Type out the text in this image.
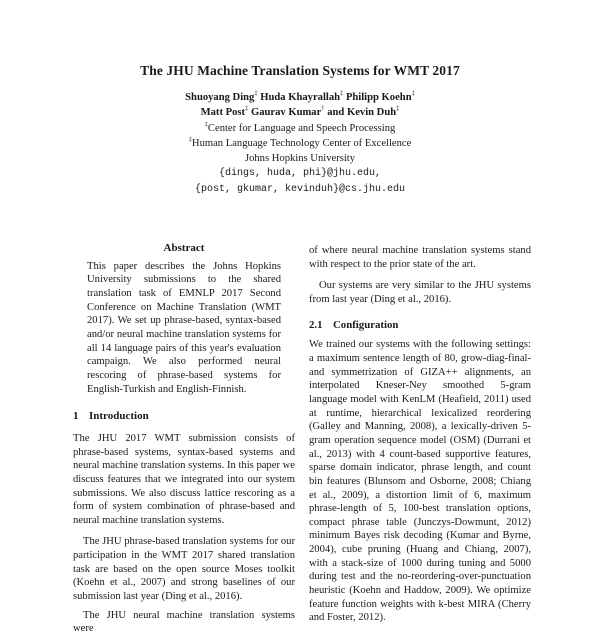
The JHU Machine Translation Systems for WMT 2017
Shuoyang Ding‡ Huda Khayrallah‡ Philipp Koehn‡
Matt Post‡ Gaurav Kumar† and Kevin Duh‡
‡Center for Language and Speech Processing
‡Human Language Technology Center of Excellence
Johns Hopkins University
{dings, huda, phi}@jhu.edu,
{post, gkumar, kevinduh}@cs.jhu.edu
Abstract
This paper describes the Johns Hopkins University submissions to the shared translation task of EMNLP 2017 Second Conference on Machine Translation (WMT 2017). We set up phrase-based, syntax-based and/or neural machine translation systems for all 14 language pairs of this year's evaluation campaign. We also performed neural rescoring of phrase-based systems for English-Turkish and English-Finnish.
1 Introduction

The JHU 2017 WMT submission consists of phrase-based systems, syntax-based systems and neural machine translation systems. In this paper we discuss features that we integrated into our system submissions. We also discuss lattice rescoring as a form of system combination of phrase-based and neural machine translation systems.

The JHU phrase-based translation systems for our participation in the WMT 2017 shared translation task are based on the open source Moses toolkit (Koehn et al., 2007) and strong baselines of our submission last year (Ding et al., 2016).

The JHU neural machine translation systems were

of where neural machine translation systems stand with respect to the prior state of the art.

Our systems are very similar to the JHU systems from last year (Ding et al., 2016).

2.1 Configuration

We trained our systems with the following settings: a maximum sentence length of 80, grow-diag-final-and symmetrization of GIZA++ alignments, an interpolated Kneser-Ney smoothed 5-gram language model with KenLM (Heafield, 2011) used at runtime, hierarchical lexicalized reordering (Galley and Manning, 2008), a lexically-driven 5-gram operation sequence model (OSM) (Durrani et al., 2013) with 4 count-based supportive features, sparse domain indicator, phrase length, and count bin features (Blunsom and Osborne, 2008; Chiang et al., 2009), a distortion limit of 6, maximum phrase-length of 5, 100-best translation options, compact phrase table (Junczys-Dowmunt, 2012) minimum Bayes risk decoding (Kumar and Byrne, 2004), cube pruning (Huang and Chiang, 2007), with a stack-size of 1000 during tuning and 5000 during test and the no-reordering-over-punctuation heuristic (Koehn and Haddow, 2009). We optimize feature function weights with k-best MIRA (Cherry and Foster, 2012).
